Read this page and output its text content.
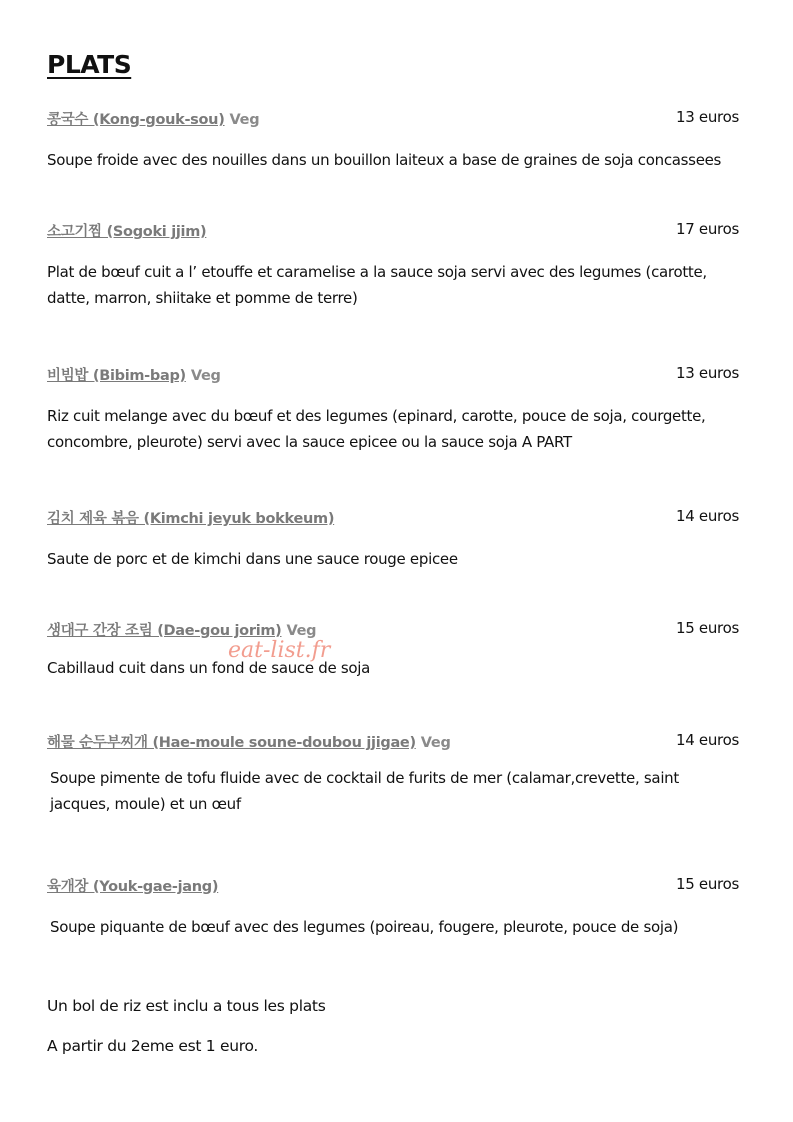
PLATS
콩국수 (Kong-gouk-sou) Veg	13 euros

Soupe froide avec des nouilles dans un bouillon laiteux a base de graines de soja concassees

소고기찜 (Sogoki jjim)	17 euros

Plat de bœuf cuit a l’ etouffe et caramelise a la sauce soja servi avec des legumes (carotte, datte, marron, shiitake et pomme de terre)

비빔밥 (Bibim-bap) Veg	13 euros

Riz cuit melange avec du bœuf et des legumes (epinard, carotte, pouce de soja, courgette, concombre, pleurote) servi avec la sauce epicee ou la sauce soja A PART

김치 제육 볶음 (Kimchi jeyuk bokkeum)	14 euros

Saute de porc et de kimchi dans une sauce rouge epicee

생대구 간장 조림 (Dae-gou jorim) Veg	15 euros

Cabillaud cuit dans un fond de sauce de soja

해물 순두부찌개 (Hae-moule soune-doubou jjigae) Veg	14 euros

Soupe pimente de tofu fluide avec de cocktail de furits de mer (calamar,crevette, saint jacques, moule) et un œuf

육개장 (Youk-gae-jang)	15 euros

Soupe piquante de bœuf avec des legumes (poireau, fougere, pleurote, pouce de soja)

Un bol de riz est inclu a tous les plats
A partir du 2eme est 1 euro.
eat-list.fr
